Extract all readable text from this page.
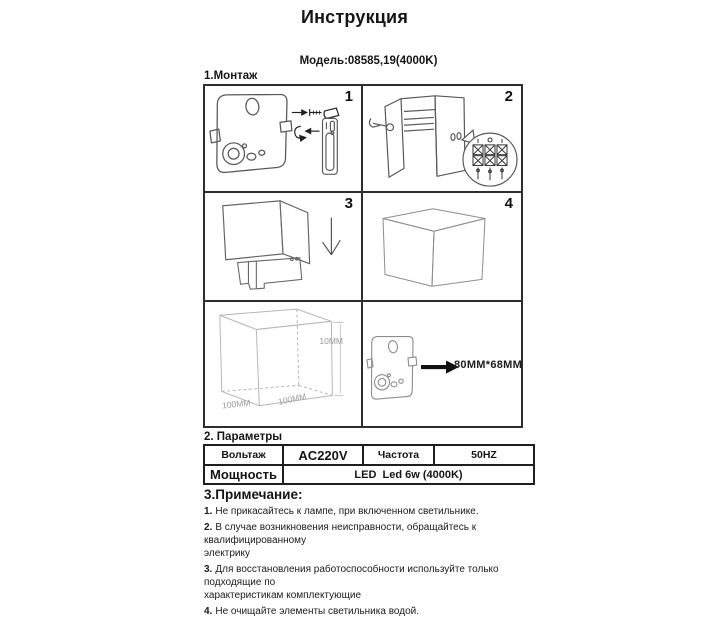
Инструкция
Модель:08585,19(4000K)
1.Монтаж
1	2
3	4
10MM
100MM	100MM
80MM*68MM
2. Параметры
Вольтаж	AC220V	Частота	50HZ
Мощность	LED  Led 6w (4000K)
3.Примечание:

1. Не прикасайтесь к лампе, при включенном светильнике.

2. В случае возникновения неисправности, обращайтесь к квалифицированному
электрику

3. Для восстановления работоспособности используйте только подходящие по
характеристикам комплектующие

4. Не очищайте элементы светильника водой.
